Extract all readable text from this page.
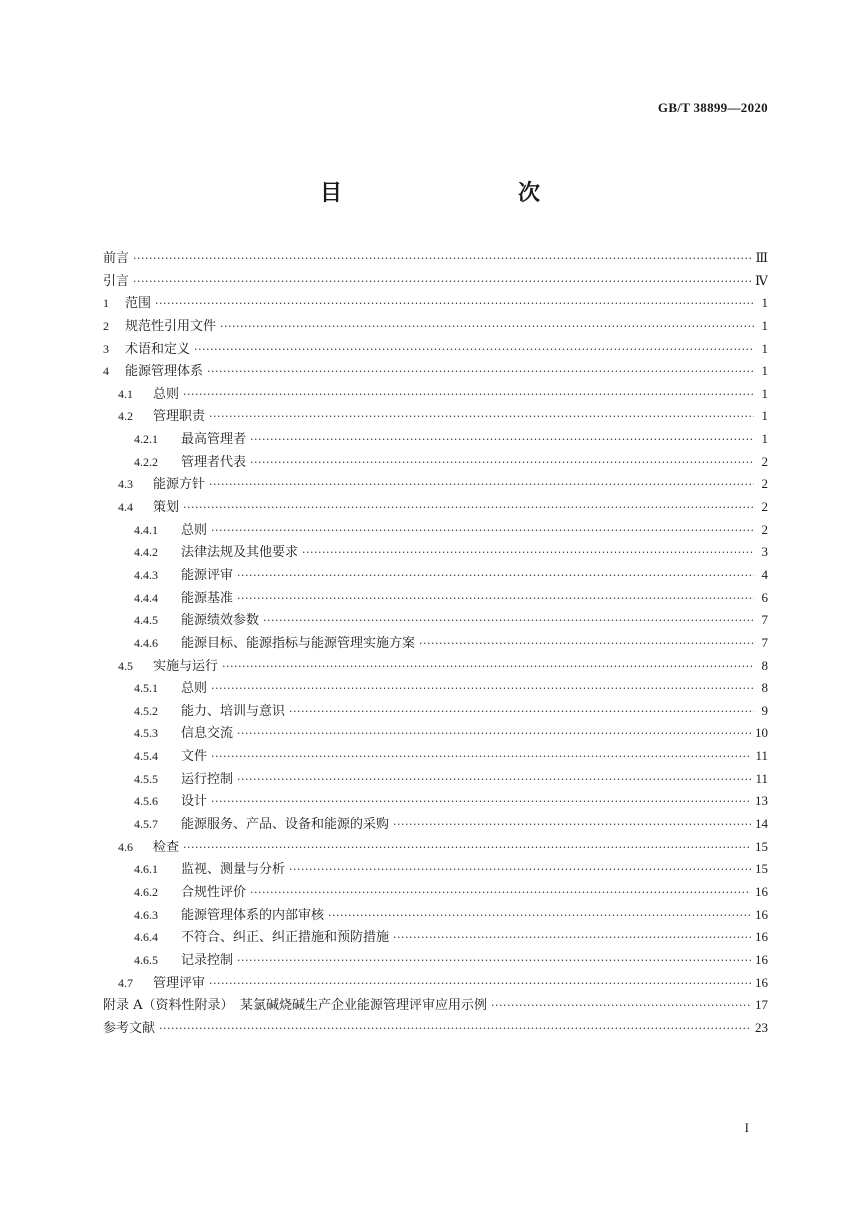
GB/T 38899—2020
目　　次
前言 ·····	Ⅲ
引言 ·····	Ⅳ
1	范围 ·····	1
2	规范性引用文件 ·····	1
3	术语和定义 ·····	1
4	能源管理体系 ·····	1
4.1	总则 ·····	1
4.2	管理职责 ·····	1
4.2.1	最高管理者 ·····	1
4.2.2	管理者代表 ·····	2
4.3	能源方针 ·····	2
4.4	策划 ·····	2
4.4.1	总则 ·····	2
4.4.2	法律法规及其他要求 ·····	3
4.4.3	能源评审 ·····	4
4.4.4	能源基准 ·····	6
4.4.5	能源绩效参数 ·····	7
4.4.6	能源目标、能源指标与能源管理实施方案 ·····	7
4.5	实施与运行 ·····	8
4.5.1	总则 ·····	8
4.5.2	能力、培训与意识 ·····	9
4.5.3	信息交流 ·····	10
4.5.4	文件 ·····	11
4.5.5	运行控制 ·····	11
4.5.6	设计 ·····	13
4.5.7	能源服务、产品、设备和能源的采购 ·····	14
4.6	检查 ·····	15
4.6.1	监视、测量与分析 ·····	15
4.6.2	合规性评价 ·····	16
4.6.3	能源管理体系的内部审核 ·····	16
4.6.4	不符合、纠正、纠正措施和预防措施 ·····	16
4.6.5	记录控制 ·····	16
4.7	管理评审 ·····	16
附录 A（资料性附录）　某氯碱烧碱生产企业能源管理评审应用示例 ·····	17
参考文献 ·····	23
I
